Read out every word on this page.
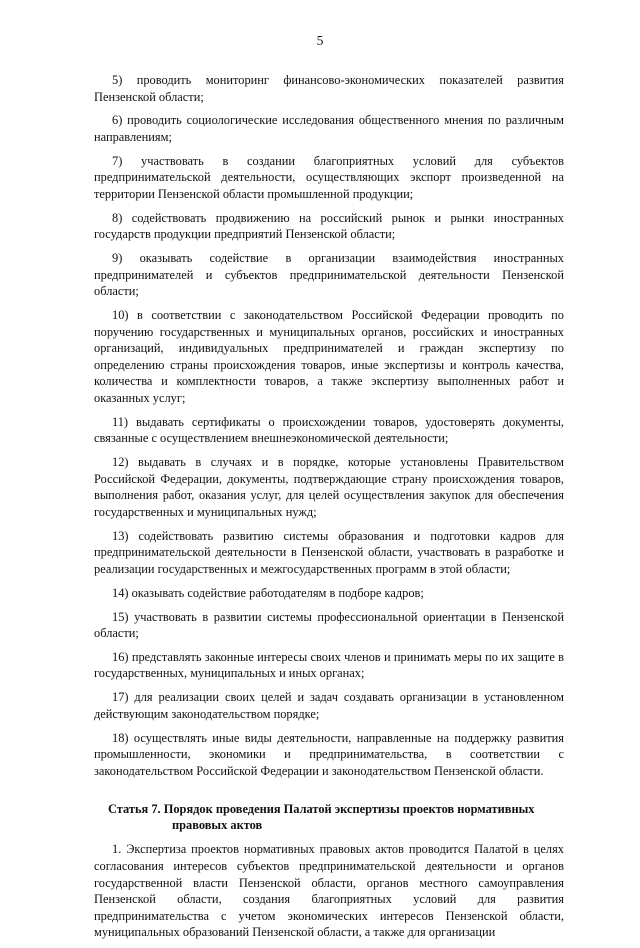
5

5) проводить мониторинг финансово-экономических показателей развития Пензенской области;

6) проводить социологические исследования общественного мнения по различным направлениям;

7) участвовать в создании благоприятных условий для субъектов предпринимательской деятельности, осуществляющих экспорт произведенной на территории Пензенской области промышленной продукции;

8) содействовать продвижению на российский рынок и рынки иностранных государств продукции предприятий Пензенской области;

9) оказывать содействие в организации взаимодействия иностранных предпринимателей и субъектов предпринимательской деятельности Пензенской области;

10) в соответствии с законодательством Российской Федерации проводить по поручению государственных и муниципальных органов, российских и иностранных организаций, индивидуальных предпринимателей и граждан экспертизу по определению страны происхождения товаров, иные экспертизы и контроль качества, количества и комплектности товаров, а также экспертизу выполненных работ и оказанных услуг;

11) выдавать сертификаты о происхождении товаров, удостоверять документы, связанные с осуществлением внешнеэкономической деятельности;

12) выдавать в случаях и в порядке, которые установлены Правительством Российской Федерации, документы, подтверждающие страну происхождения товаров, выполнения работ, оказания услуг, для целей осуществления закупок для обеспечения государственных и муниципальных нужд;

13) содействовать развитию системы образования и подготовки кадров для предпринимательской деятельности в Пензенской области, участвовать в разработке и реализации государственных и межгосударственных программ в этой области;

14) оказывать содействие работодателям в подборе кадров;

15) участвовать в развитии системы профессиональной ориентации в Пензенской области;

16) представлять законные интересы своих членов и принимать меры по их защите в государственных, муниципальных и иных органах;

17) для реализации своих целей и задач создавать организации в установленном действующим законодательством порядке;

18) осуществлять иные виды деятельности, направленные на поддержку развития промышленности, экономики и предпринимательства, в соответствии с законодательством Российской Федерации и законодательством Пензенской области.

Статья 7. Порядок проведения Палатой экспертизы проектов нормативных
правовых актов

1. Экспертиза проектов нормативных правовых актов проводится Палатой в целях согласования интересов субъектов предпринимательской деятельности и органов государственной власти Пензенской области, органов местного самоуправления Пензенской области, создания благоприятных условий для развития предпринимательства с учетом экономических интересов Пензенской области, муниципальных образований Пензенской области, а также для организации
